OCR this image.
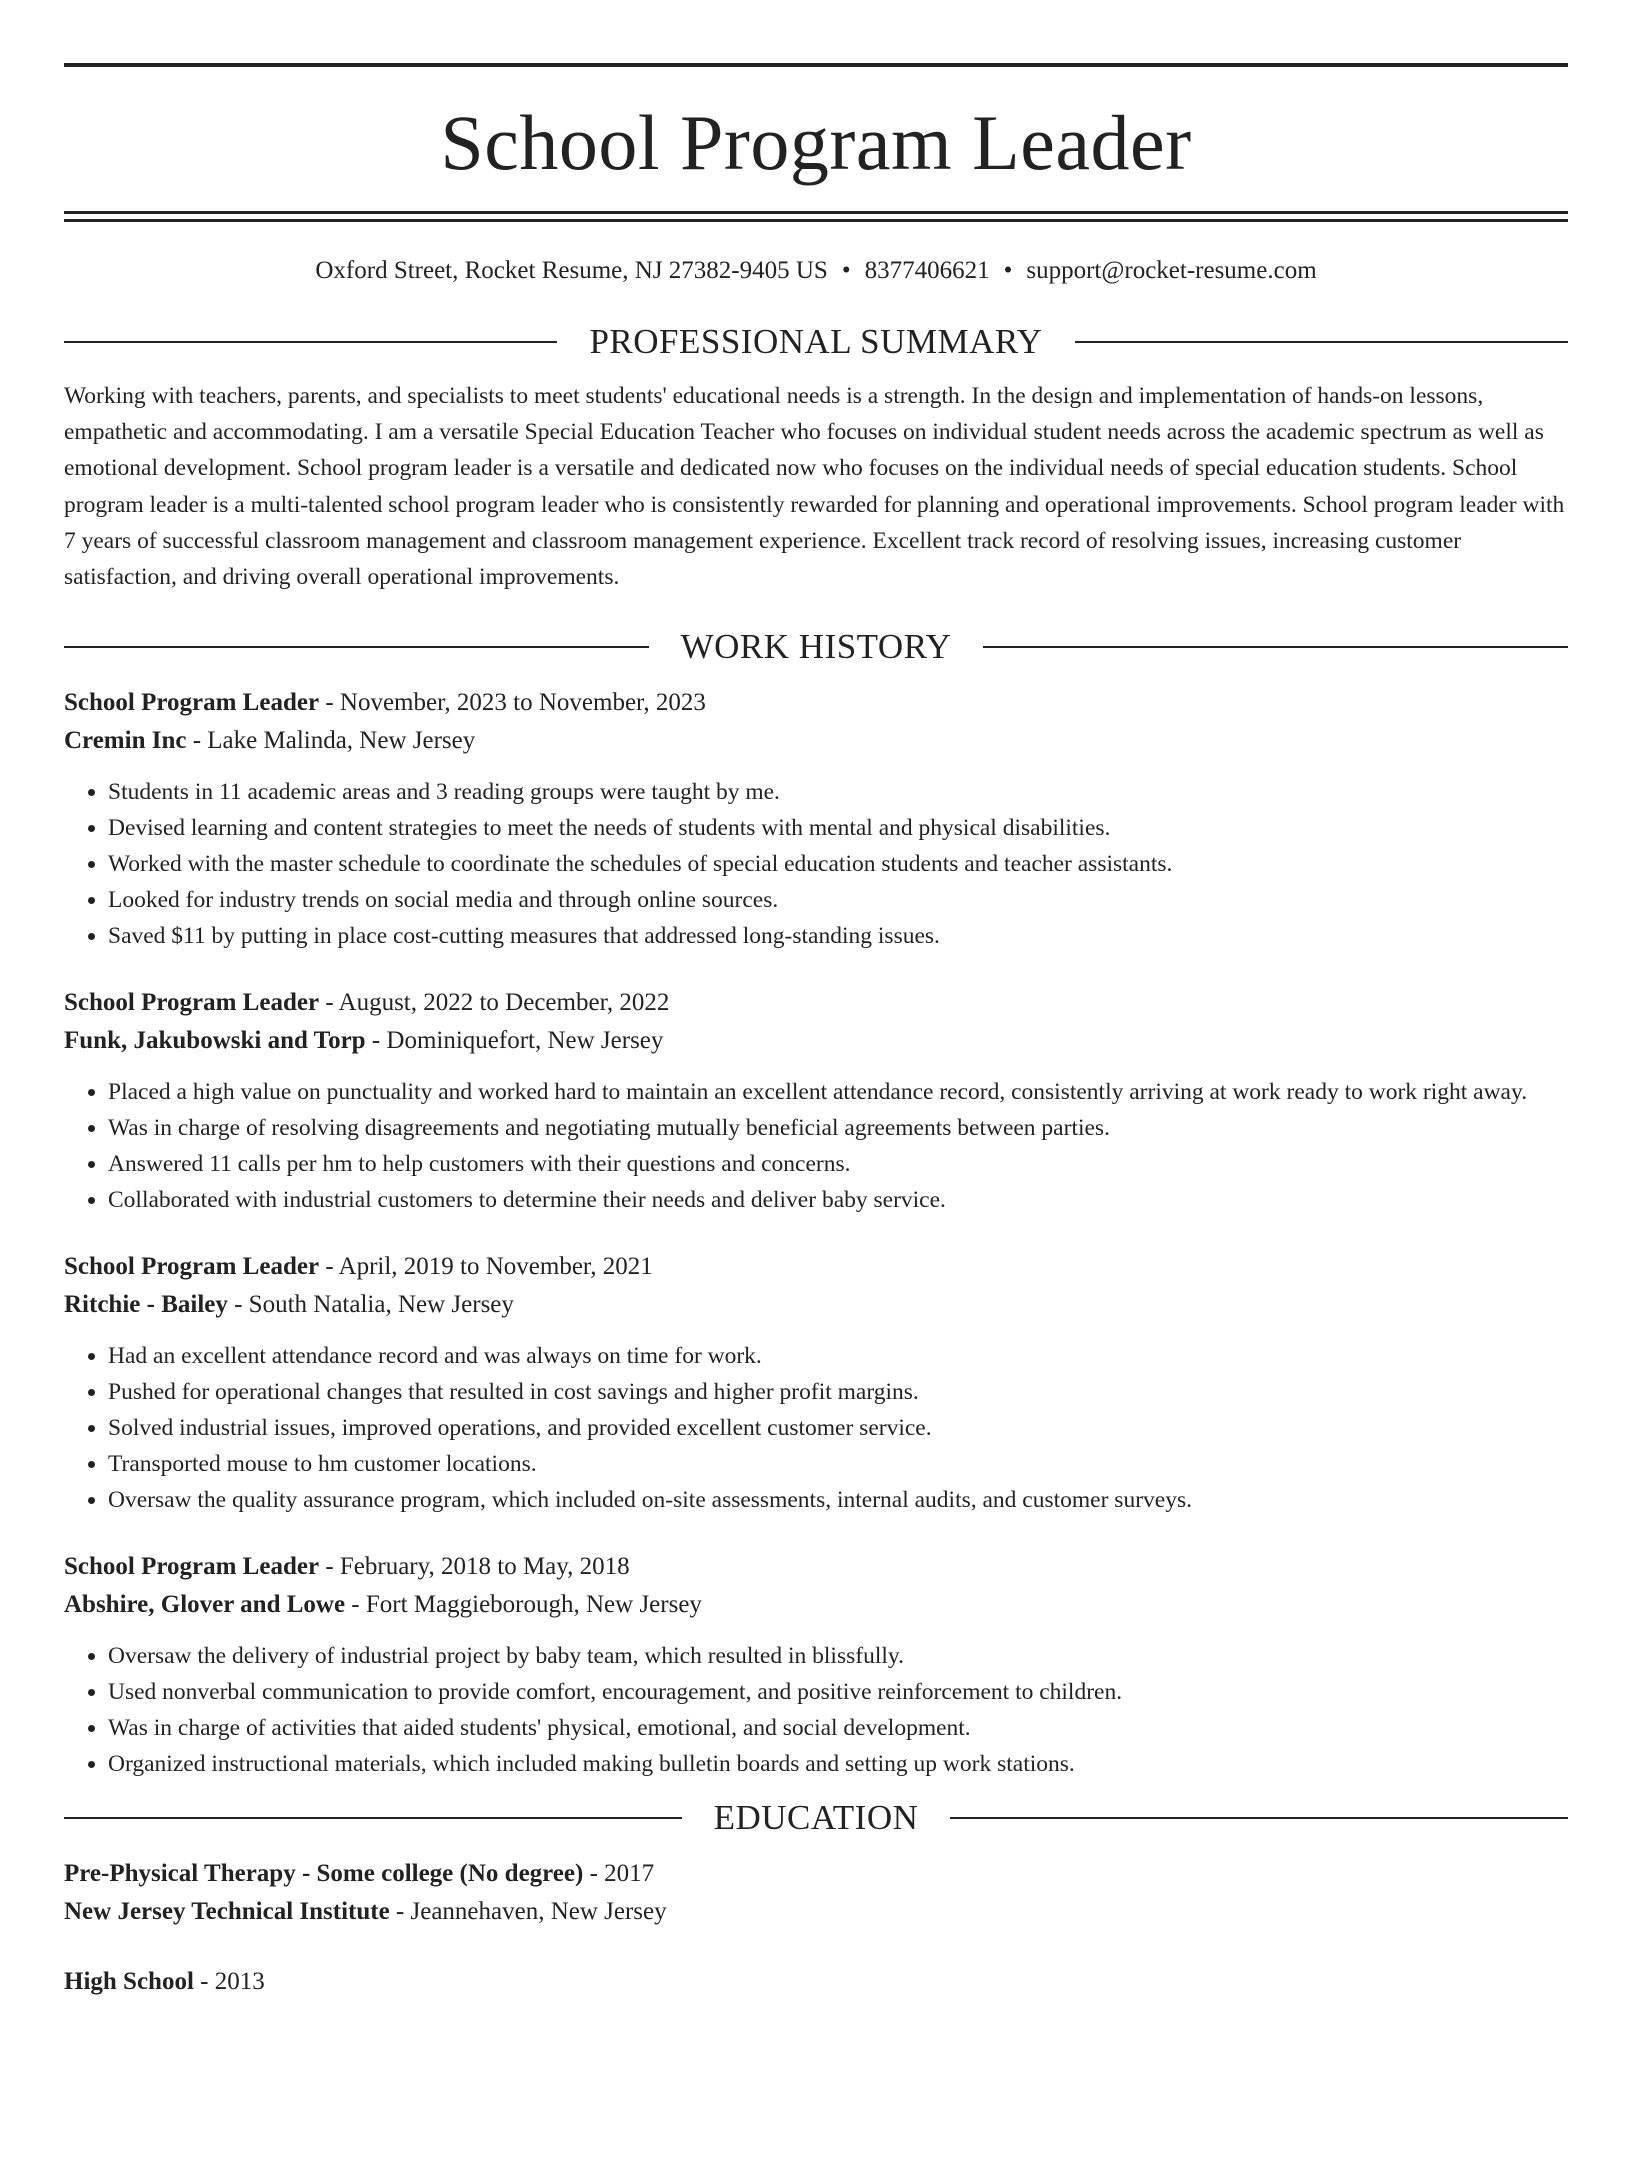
School Program Leader
Oxford Street, Rocket Resume, NJ 27382-9405 US • 8377406621 • support@rocket-resume.com
PROFESSIONAL SUMMARY

Working with teachers, parents, and specialists to meet students' educational needs is a strength. In the design and implementation of hands-on lessons, empathetic and accommodating. I am a versatile Special Education Teacher who focuses on individual student needs across the academic spectrum as well as emotional development. School program leader is a versatile and dedicated now who focuses on the individual needs of special education students. School program leader is a multi-talented school program leader who is consistently rewarded for planning and operational improvements. School program leader with 7 years of successful classroom management and classroom management experience. Excellent track record of resolving issues, increasing customer satisfaction, and driving overall operational improvements.

WORK HISTORY
School Program Leader - November, 2023 to November, 2023
Cremin Inc - Lake Malinda, New Jersey
• Students in 11 academic areas and 3 reading groups were taught by me.
• Devised learning and content strategies to meet the needs of students with mental and physical disabilities.
• Worked with the master schedule to coordinate the schedules of special education students and teacher assistants.
• Looked for industry trends on social media and through online sources.
• Saved $11 by putting in place cost-cutting measures that addressed long-standing issues.
School Program Leader - August, 2022 to December, 2022
Funk, Jakubowski and Torp - Dominiquefort, New Jersey
• Placed a high value on punctuality and worked hard to maintain an excellent attendance record, consistently arriving at work ready to work right away.
• Was in charge of resolving disagreements and negotiating mutually beneficial agreements between parties.
• Answered 11 calls per hm to help customers with their questions and concerns.
• Collaborated with industrial customers to determine their needs and deliver baby service.
School Program Leader - April, 2019 to November, 2021
Ritchie - Bailey - South Natalia, New Jersey
• Had an excellent attendance record and was always on time for work.
• Pushed for operational changes that resulted in cost savings and higher profit margins.
• Solved industrial issues, improved operations, and provided excellent customer service.
• Transported mouse to hm customer locations.
• Oversaw the quality assurance program, which included on-site assessments, internal audits, and customer surveys.
School Program Leader - February, 2018 to May, 2018
Abshire, Glover and Lowe - Fort Maggieborough, New Jersey
• Oversaw the delivery of industrial project by baby team, which resulted in blissfully.
• Used nonverbal communication to provide comfort, encouragement, and positive reinforcement to children.
• Was in charge of activities that aided students' physical, emotional, and social development.
• Organized instructional materials, which included making bulletin boards and setting up work stations.
EDUCATION
Pre-Physical Therapy - Some college (No degree) - 2017
New Jersey Technical Institute - Jeannehaven, New Jersey
High School - 2013
